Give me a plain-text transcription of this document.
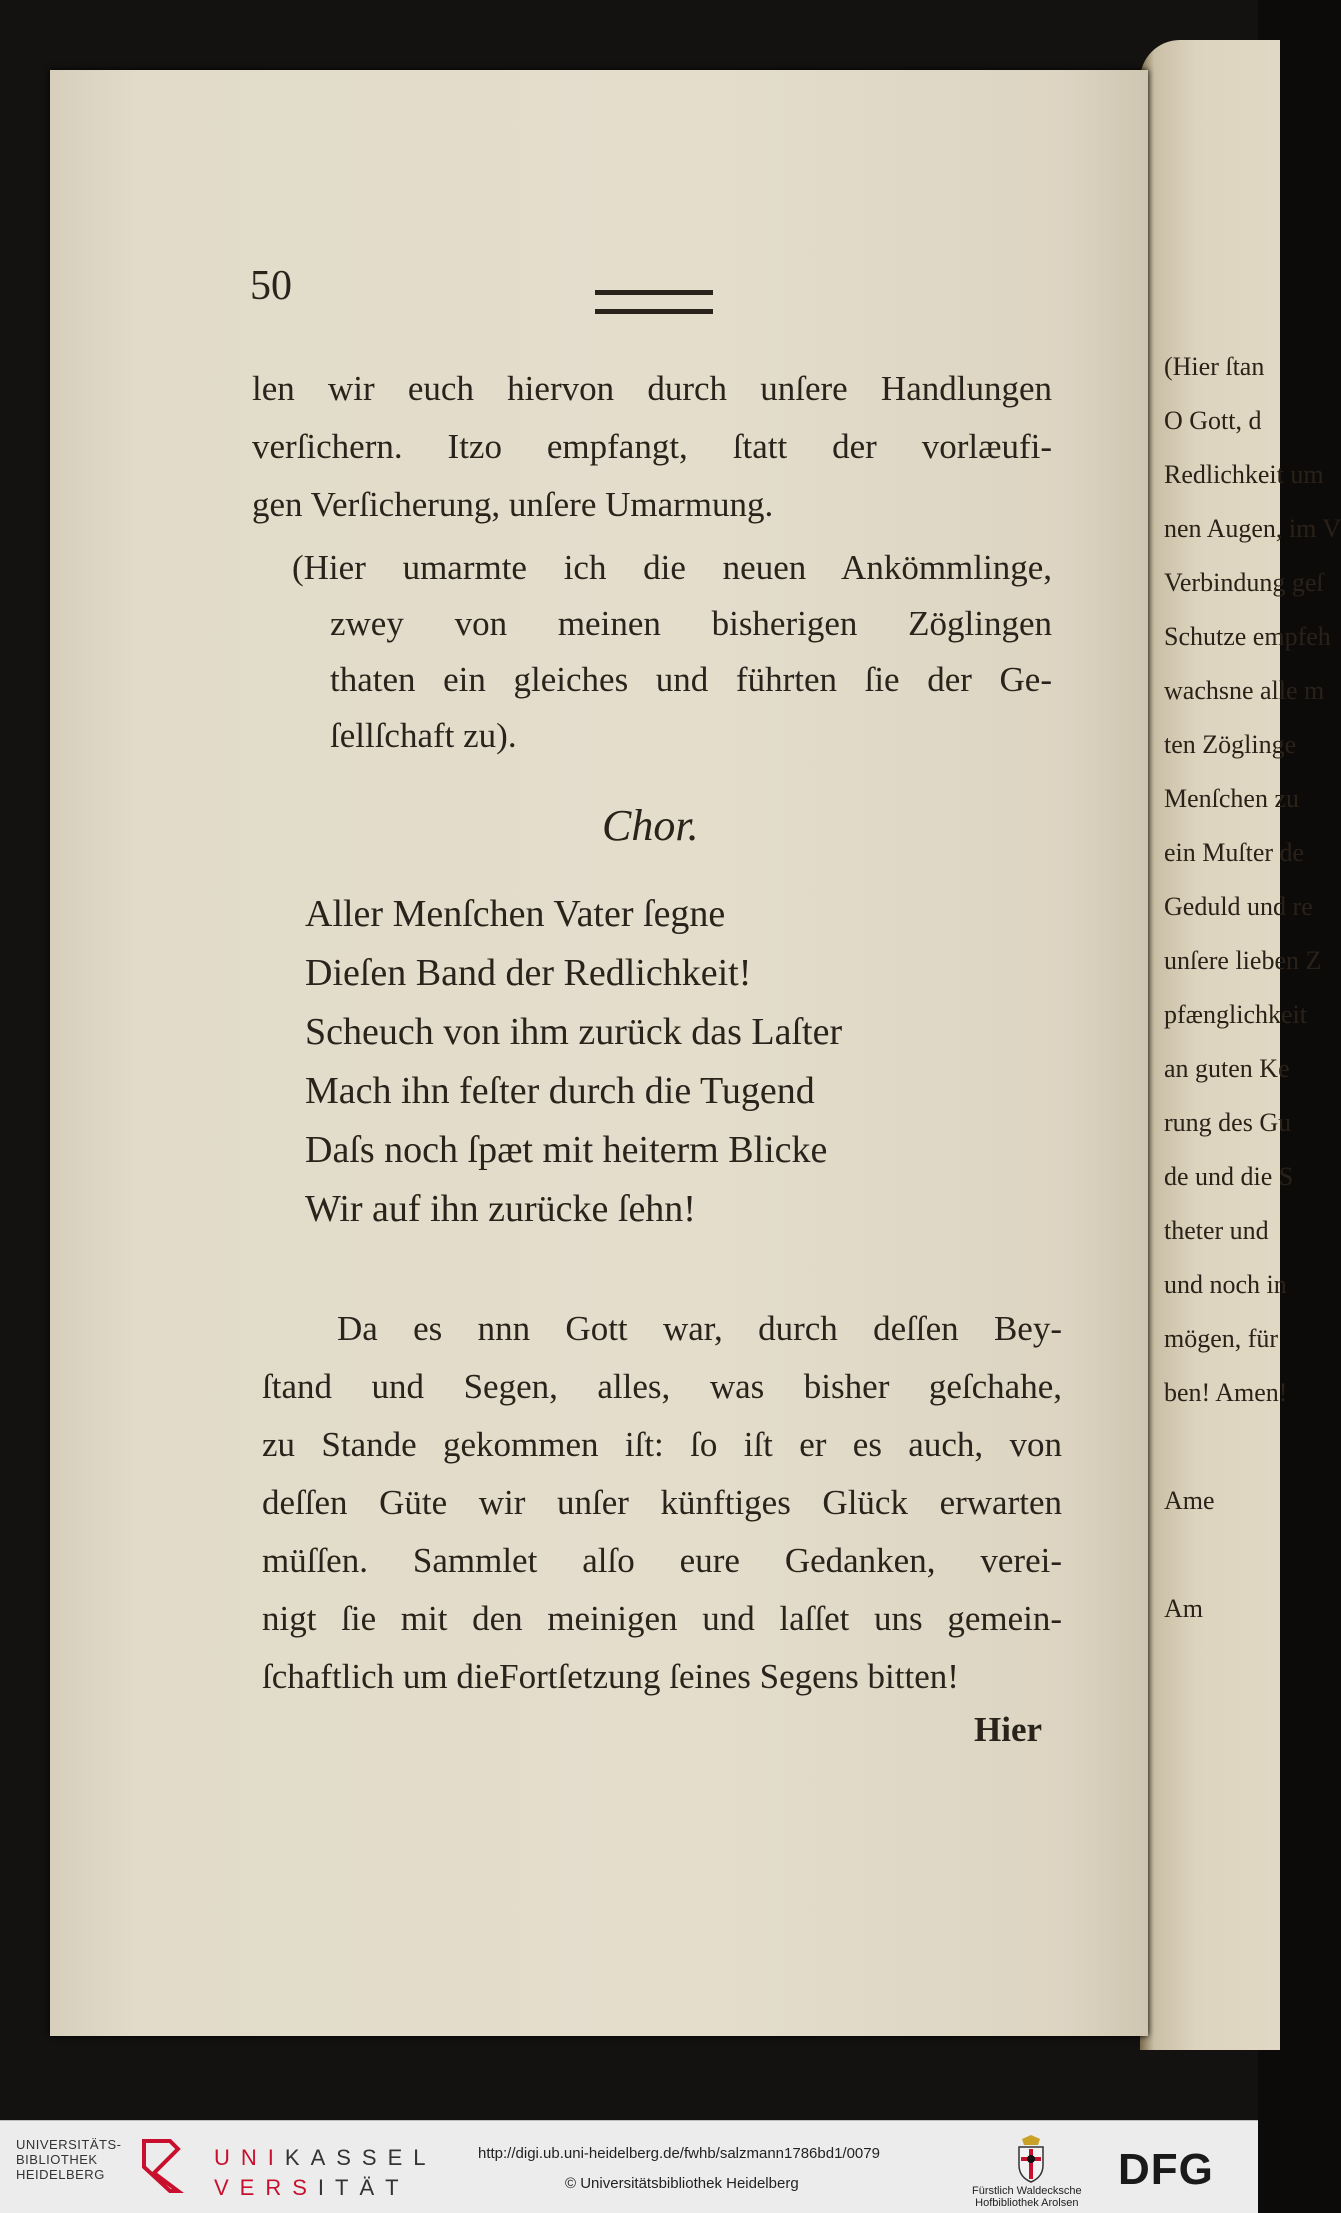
(Hier ſtan
O Gott, d
Redlichkeit um
nen Augen, im V
Verbindung geſ
Schutze empfeh
wachsne alle m
ten Zöglinge
Menſchen zu
ein Muſter de
Geduld und re
unſere lieben Z
pfænglichkeit
an guten Ke
rung des Gu
de und die S
theter und
und noch in
mögen, für
ben! Amen!
Ame
Am
50
len wir euch hiervon durch unſere Handlungen
verſichern. Itzo empfangt, ſtatt der vorlæufi-
gen Verſicherung, unſere Umarmung.
(Hier umarmte ich die neuen Ankömmlinge,
zwey von meinen bisherigen Zöglingen
thaten ein gleiches und führten ſie der Ge-
ſellſchaft zu).
Chor.
Aller Menſchen Vater ſegne
Dieſen Band der Redlichkeit!
Scheuch von ihm zurück das Laſter
Mach ihn feſter durch die Tugend
Daſs noch ſpæt mit heiterm Blicke
Wir auf ihn zurücke ſehn!
Da es nnn Gott war, durch deſſen Bey-
ſtand und Segen, alles, was bisher geſchahe,
zu Stande gekommen iſt: ſo iſt er es auch, von
deſſen Güte wir unſer künftiges Glück erwarten
müſſen. Sammlet alſo eure Gedanken, verei-
nigt ſie mit den meinigen und laſſet uns gemein-
ſchaftlich um dieFortſetzung ſeines Segens bitten!
Hier
UNIVERSITÄTS-
BIBLIOTHEK
HEIDELBERG
UNIKASSEL
VERSITÄT
http://digi.ub.uni-heidelberg.de/fwhb/salzmann1786bd1/0079
© Universitätsbibliothek Heidelberg	Fürstlich Waldecksche
Hofbibliothek Arolsen
DFG
